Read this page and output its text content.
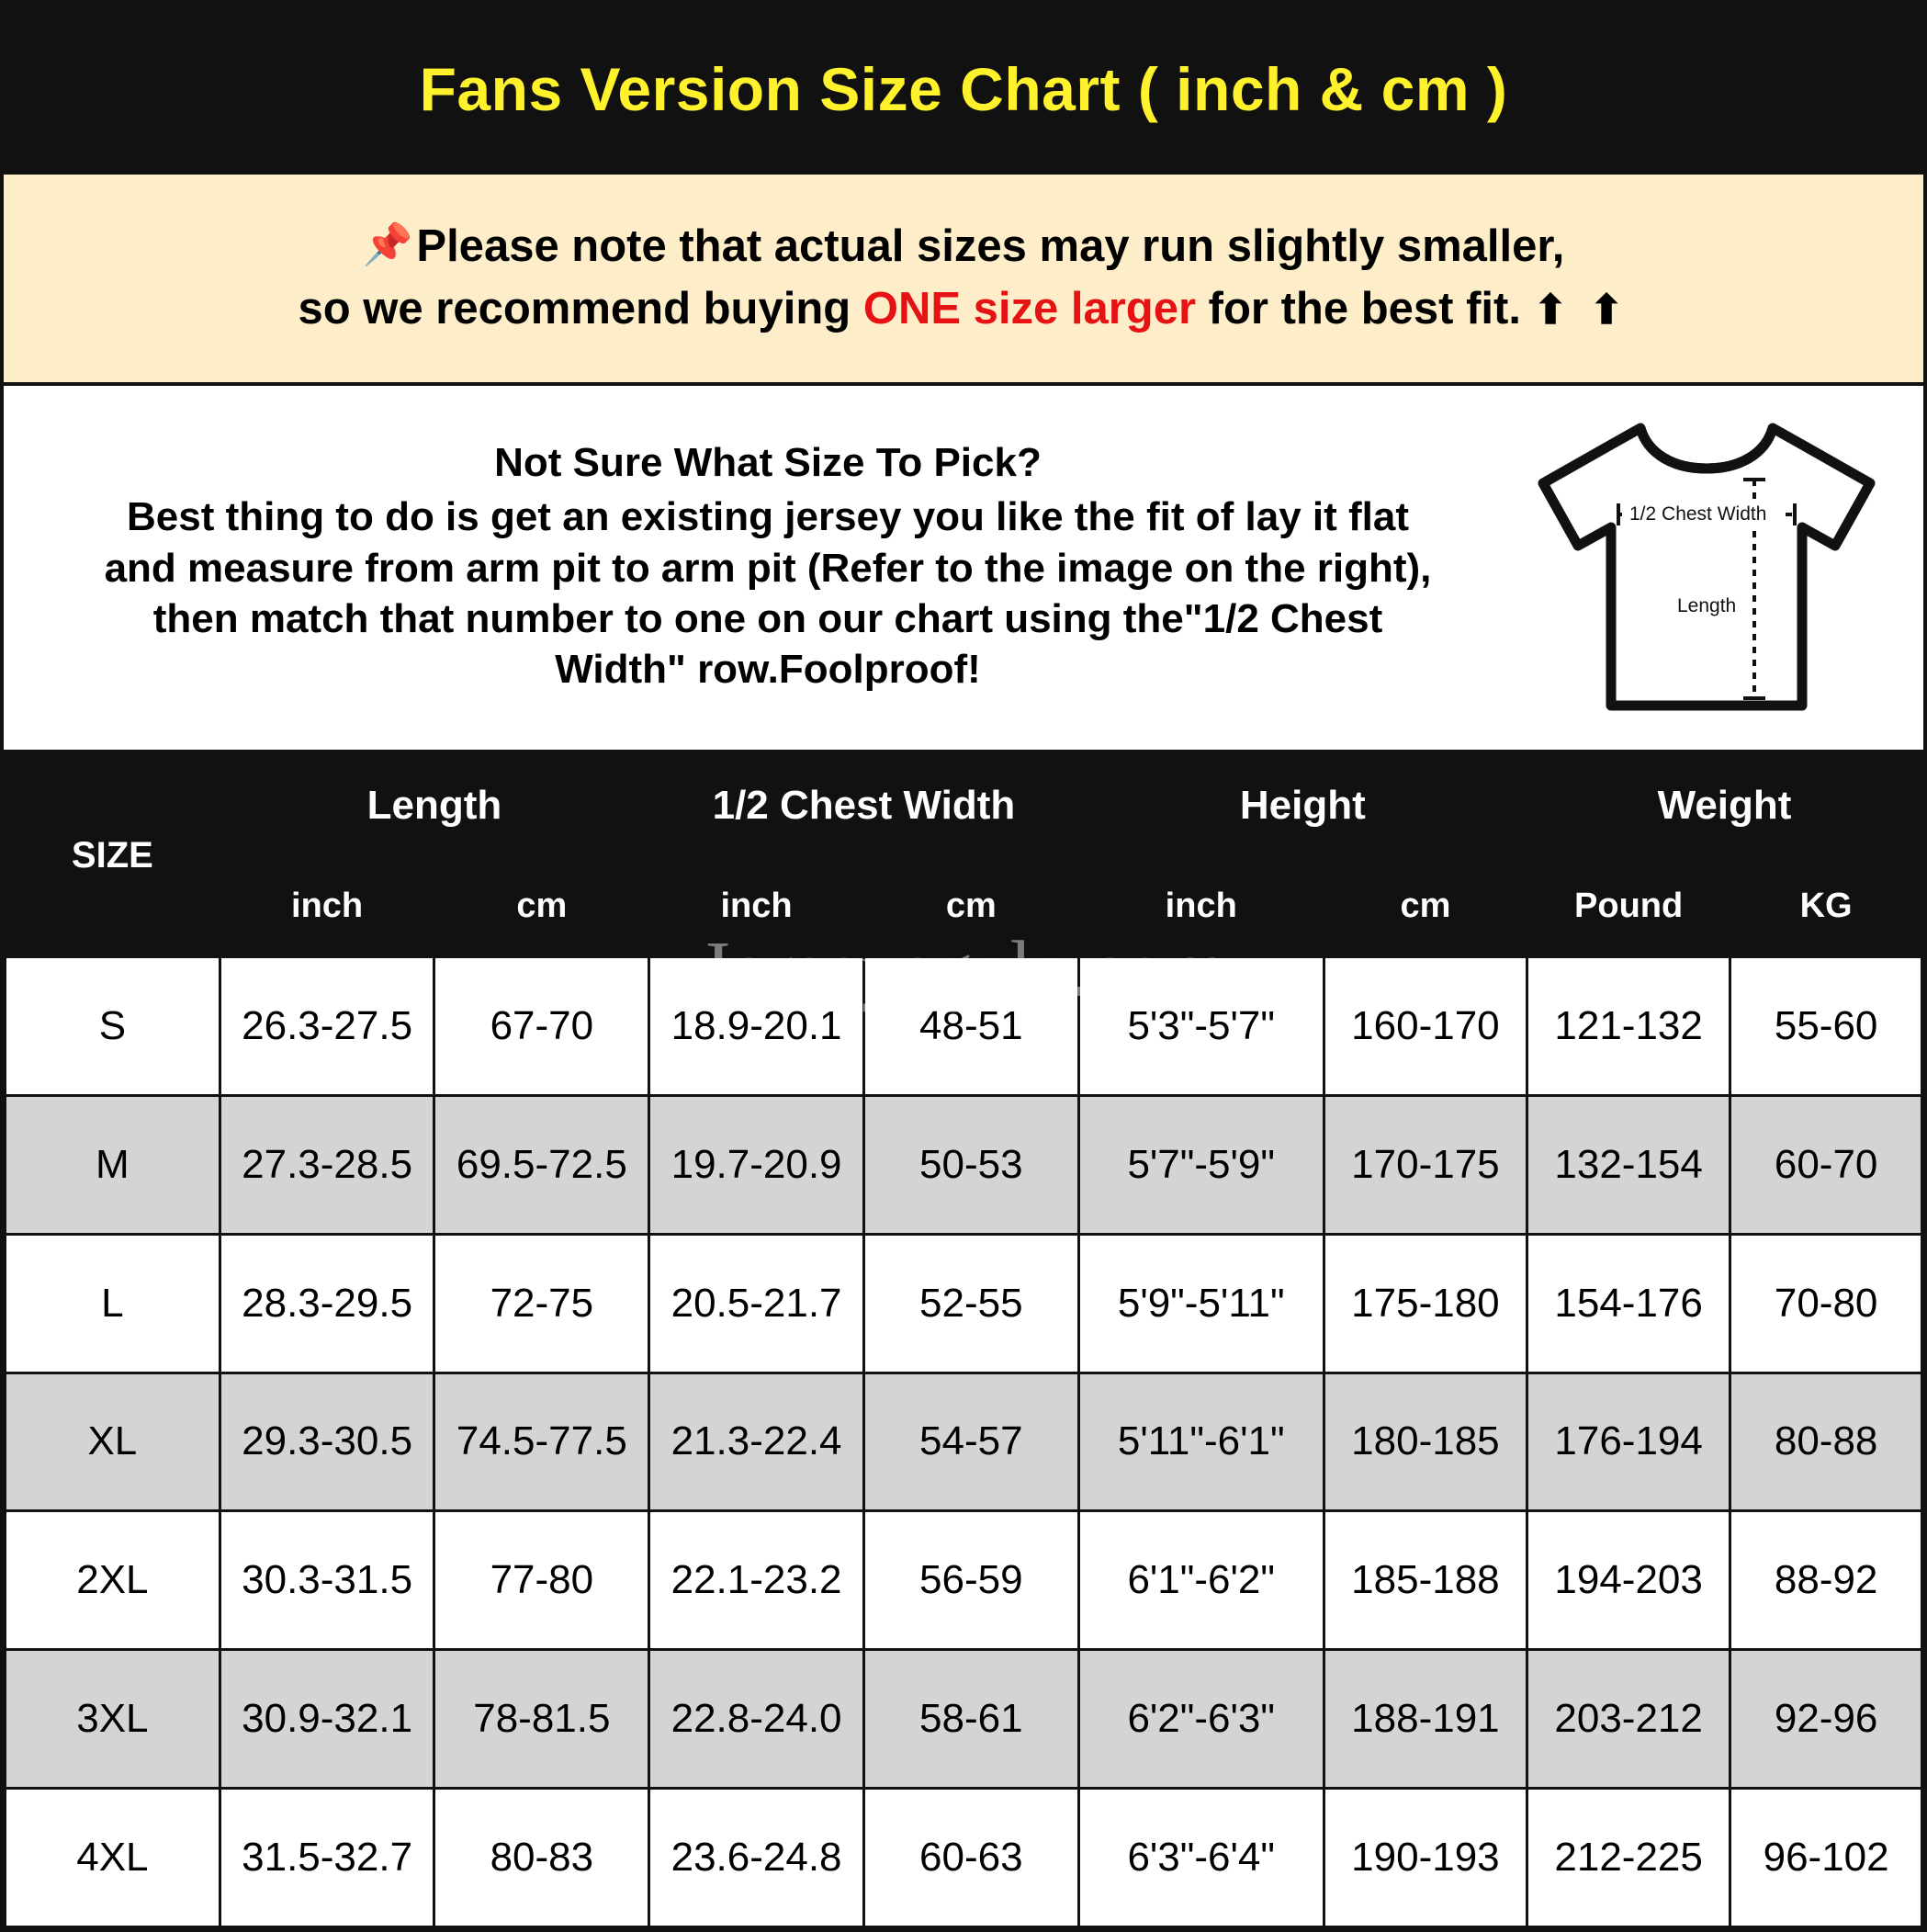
Fans Version Size Chart ( inch & cm )
📌Please note that actual sizes may run slightly smaller,
so we recommend buying ONE size larger for the best fit. ⬆ ⬆
Not Sure What Size To Pick?
Best thing to do is get an existing jersey you like the fit of lay it flat
and measure from arm pit to arm pit (Refer to the image on the right),
then match that number to one on our chart using the"1/2 Chest
Width" row.Foolproof!
1/2 Chest Width
Length
SIZE	Length		1/2 Chest Width		Height		Weight	
	inch	cm	inch	cm	inch	cm	Pound	KG
S	26.3-27.5	67-70	18.9-20.1	48-51	5'3"-5'7"	160-170	121-132	55-60
M	27.3-28.5	69.5-72.5	19.7-20.9	50-53	5'7"-5'9"	170-175	132-154	60-70
L	28.3-29.5	72-75	20.5-21.7	52-55	5'9"-5'11"	175-180	154-176	70-80
XL	29.3-30.5	74.5-77.5	21.3-22.4	54-57	5'11"-6'1"	180-185	176-194	80-88
2XL	30.3-31.5	77-80	22.1-23.2	56-59	6'1"-6'2"	185-188	194-203	88-92
3XL	30.9-32.1	78-81.5	22.8-24.0	58-61	6'2"-6'3"	188-191	203-212	92-96
4XL	31.5-32.7	80-83	23.6-24.8	60-63	6'3"-6'4"	190-193	212-225	96-102
Jerseysgala.com
